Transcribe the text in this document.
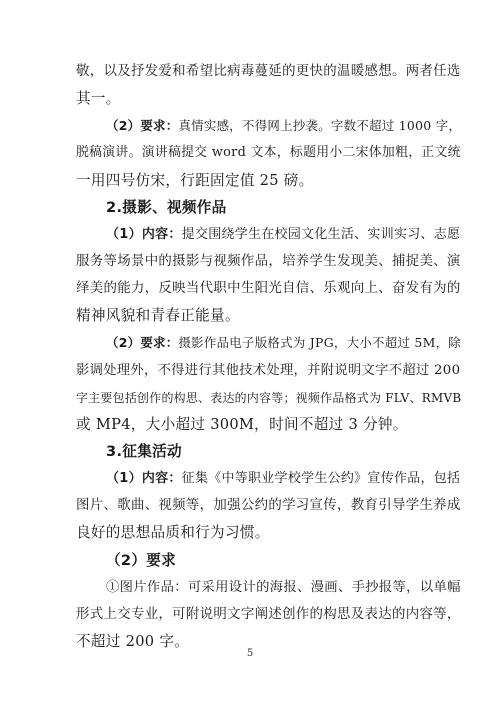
敬，以及抒发爱和希望比病毒蔓延的更快的温暖感想。两者任选
其一。
（2）要求：真情实感，不得网上抄袭。字数不超过 1000 字，
脱稿演讲。演讲稿提交 word 文本，标题用小二宋体加粗，正文统
一用四号仿宋，行距固定值 25 磅。
2.摄影、视频作品
（1）内容：提交围绕学生在校园文化生活、实训实习、志愿
服务等场景中的摄影与视频作品，培养学生发现美、捕捉美、演
绎美的能力，反映当代职中生阳光自信、乐观向上、奋发有为的
精神风貌和青春正能量。
（2）要求：摄影作品电子版格式为 JPG，大小不超过 5M，除
影调处理外，不得进行其他技术处理，并附说明文字不超过 200
字主要包括创作的构思、表达的内容等；视频作品格式为 FLV、RMVB
或 MP4，大小超过 300M，时间不超过 3 分钟。
3.征集活动
（1）内容：征集《中等职业学校学生公约》宣传作品，包括
图片、歌曲、视频等，加强公约的学习宣传，教育引导学生养成
良好的思想品质和行为习惯。
（2）要求
①图片作品：可采用设计的海报、漫画、手抄报等，以单幅
形式上交专业，可附说明文字阐述创作的构思及表达的内容等，
不超过 200 字。
5
